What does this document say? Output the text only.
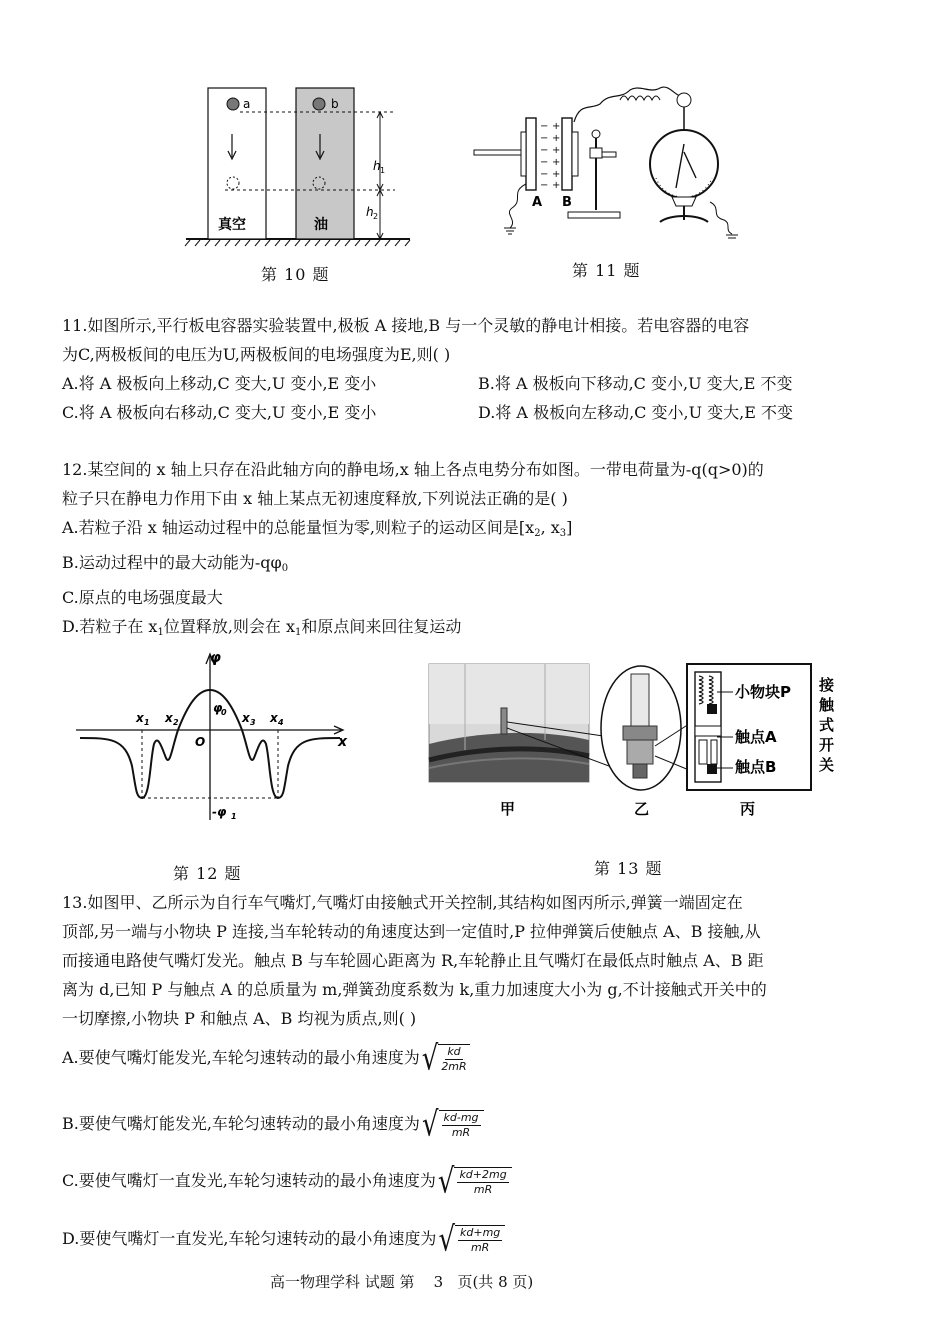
a	b
h 1
h 2
真空	油
第 10 题
−
−
−
−
−
−
+
+
+
+
+
+
A B
第 11 题
11.如图所示,平行板电容器实验装置中,极板 A 接地,B 与一个灵敏的静电计相接。若电容器的电容
为C,两极板间的电压为U,两极板间的电场强度为E,则( )
A.将 A 极板向上移动,C 变大,U 变小,E 变小	B.将 A 极板向下移动,C 变小,U 变大,E 不变
C.将 A 极板向右移动,C 变大,U 变小,E 变小	D.将 A 极板向左移动,C 变小,U 变大,E 不变
12.某空间的 x 轴上只存在沿此轴方向的静电场,x 轴上各点电势分布如图。一带电荷量为-q(q>0)的
粒子只在静电力作用下由 x 轴上某点无初速度释放,下列说法正确的是( )
A.若粒子沿 x 轴运动过程中的总能量恒为零,则粒子的运动区间是[$x_2$, $x_3$]
B.运动过程中的最大动能为$-q\varphi_0$
C.原点的电场强度最大
D.若粒子在 $x_1$位置释放,则会在 $x_1$和原点间来回往复运动
φ
x
O
x 1 x 2	x 3 x 4
φ
0
-φ 1
第 12 题
小物块P
触点A
触点B
接
触
式
开
关
甲	乙	丙
第 13 题
13.如图甲、乙所示为自行车气嘴灯,气嘴灯由接触式开关控制,其结构如图丙所示,弹簧一端固定在
顶部,另一端与小物块 P 连接,当车轮转动的角速度达到一定值时,P 拉伸弹簧后使触点 A、B 接触,从
而接通电路使气嘴灯发光。触点 B 与车轮圆心距离为 R,车轮静止且气嘴灯在最低点时触点 A、B 距
离为 d,已知 P 与触点 A 的总质量为 m,弹簧劲度系数为 k,重力加速度大小为 g,不计接触式开关中的
一切摩擦,小物块 P 和触点 A、B 均视为质点,则( )
A.要使气嘴灯能发光,车轮匀速转动的最小角速度为 √ kd
2mR
B.要使气嘴灯能发光,车轮匀速转动的最小角速度为 √ kd-mg
mR
C.要使气嘴灯一直发光,车轮匀速转动的最小角速度为 √ kd+2mg
mR
D.要使气嘴灯一直发光,车轮匀速转动的最小角速度为 √ kd+mg
mR
高一物理学科 试题 第    3   页(共 8 页)
